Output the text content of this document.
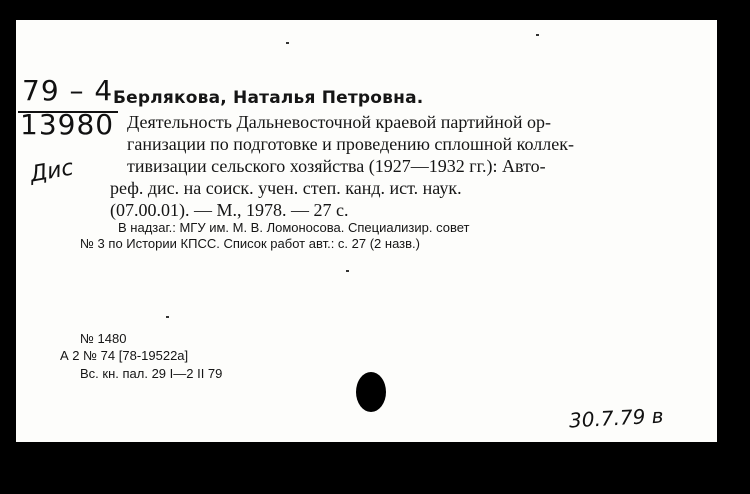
79 – 4
13980
Дис
Берлякова, Наталья Петровна.
Деятельность Дальневосточной краевой партийной ор-
ганизации по подготовке и проведению сплошной коллек-
тивизации сельского хозяйства (1927—1932 гг.): Авто-
реф. дис. на соиск. учен. степ. канд. ист. наук.
(07.00.01). — М., 1978. — 27 с.
В надзаг.: МГУ им. М. В. Ломоносова. Специализир. совет
№ 3 по Истории КПСС. Список работ авт.: с. 27 (2 назв.)
№ 1480
А 2 № 74 [78-19522а]
Вс. кн. пал. 29 I—2 II 79
30.7.79 в
